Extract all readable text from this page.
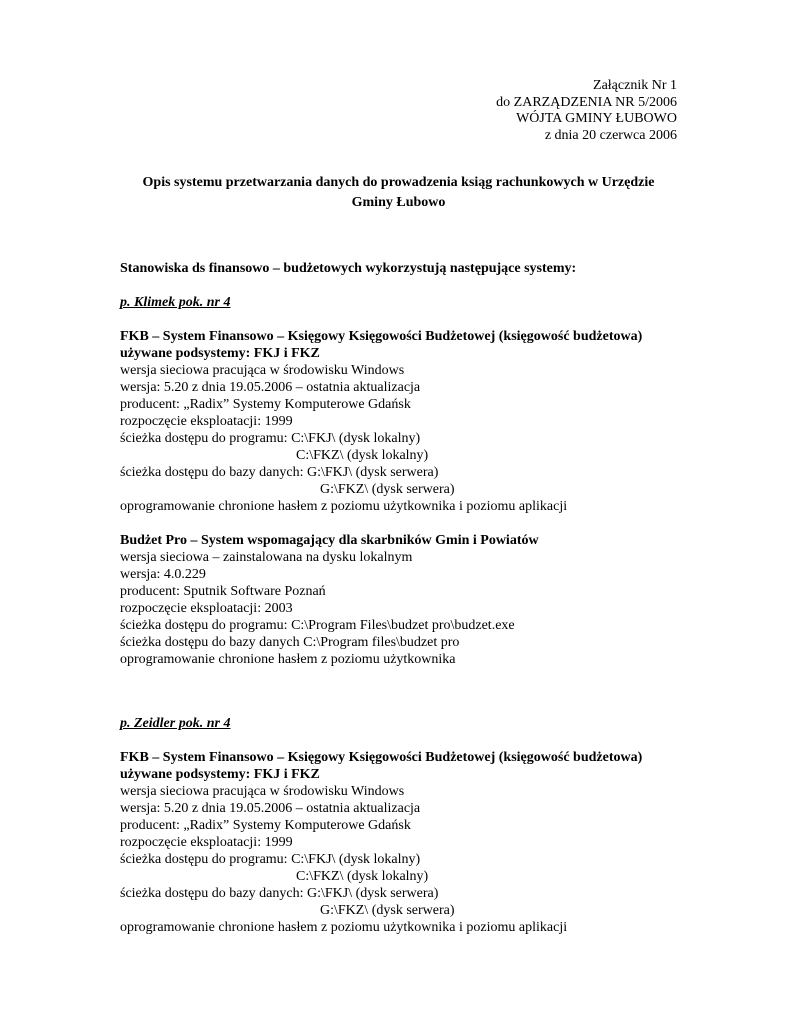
Załącznik Nr 1
do ZARZĄDZENIA NR 5/2006
WÓJTA GMINY ŁUBOWO
z dnia 20 czerwca 2006
Opis systemu przetwarzania danych do prowadzenia ksiąg rachunkowych w Urzędzie
Gminy Łubowo
Stanowiska ds finansowo – budżetowych wykorzystują następujące systemy:
p. Klimek pok. nr 4
FKB – System Finansowo – Księgowy Księgowości Budżetowej (księgowość budżetowa)
używane podsystemy: FKJ i FKZ
wersja sieciowa pracująca w środowisku Windows
wersja: 5.20 z dnia 19.05.2006 – ostatnia aktualizacja
producent: „Radix” Systemy Komputerowe Gdańsk
rozpoczęcie eksploatacji: 1999
ścieżka dostępu do programu: C:\FKJ\ (dysk lokalny)
C:\FKZ\ (dysk lokalny)
ścieżka dostępu do bazy danych: G:\FKJ\ (dysk serwera)
G:\FKZ\ (dysk serwera)
oprogramowanie chronione hasłem z poziomu użytkownika i poziomu aplikacji
Budżet Pro – System wspomagający dla skarbników Gmin i Powiatów
wersja sieciowa – zainstalowana na dysku lokalnym
wersja: 4.0.229
producent: Sputnik Software Poznań
rozpoczęcie eksploatacji: 2003
ścieżka dostępu do programu: C:\Program Files\budzet pro\budzet.exe
ścieżka dostępu do bazy danych C:\Program files\budzet pro
oprogramowanie chronione hasłem z poziomu użytkownika
p. Zeidler pok. nr 4
FKB – System Finansowo – Księgowy Księgowości Budżetowej (księgowość budżetowa)
używane podsystemy: FKJ i FKZ
wersja sieciowa pracująca w środowisku Windows
wersja: 5.20 z dnia 19.05.2006 – ostatnia aktualizacja
producent: „Radix” Systemy Komputerowe Gdańsk
rozpoczęcie eksploatacji: 1999
ścieżka dostępu do programu: C:\FKJ\ (dysk lokalny)
C:\FKZ\ (dysk lokalny)
ścieżka dostępu do bazy danych: G:\FKJ\ (dysk serwera)
G:\FKZ\ (dysk serwera)
oprogramowanie chronione hasłem z poziomu użytkownika i poziomu aplikacji
